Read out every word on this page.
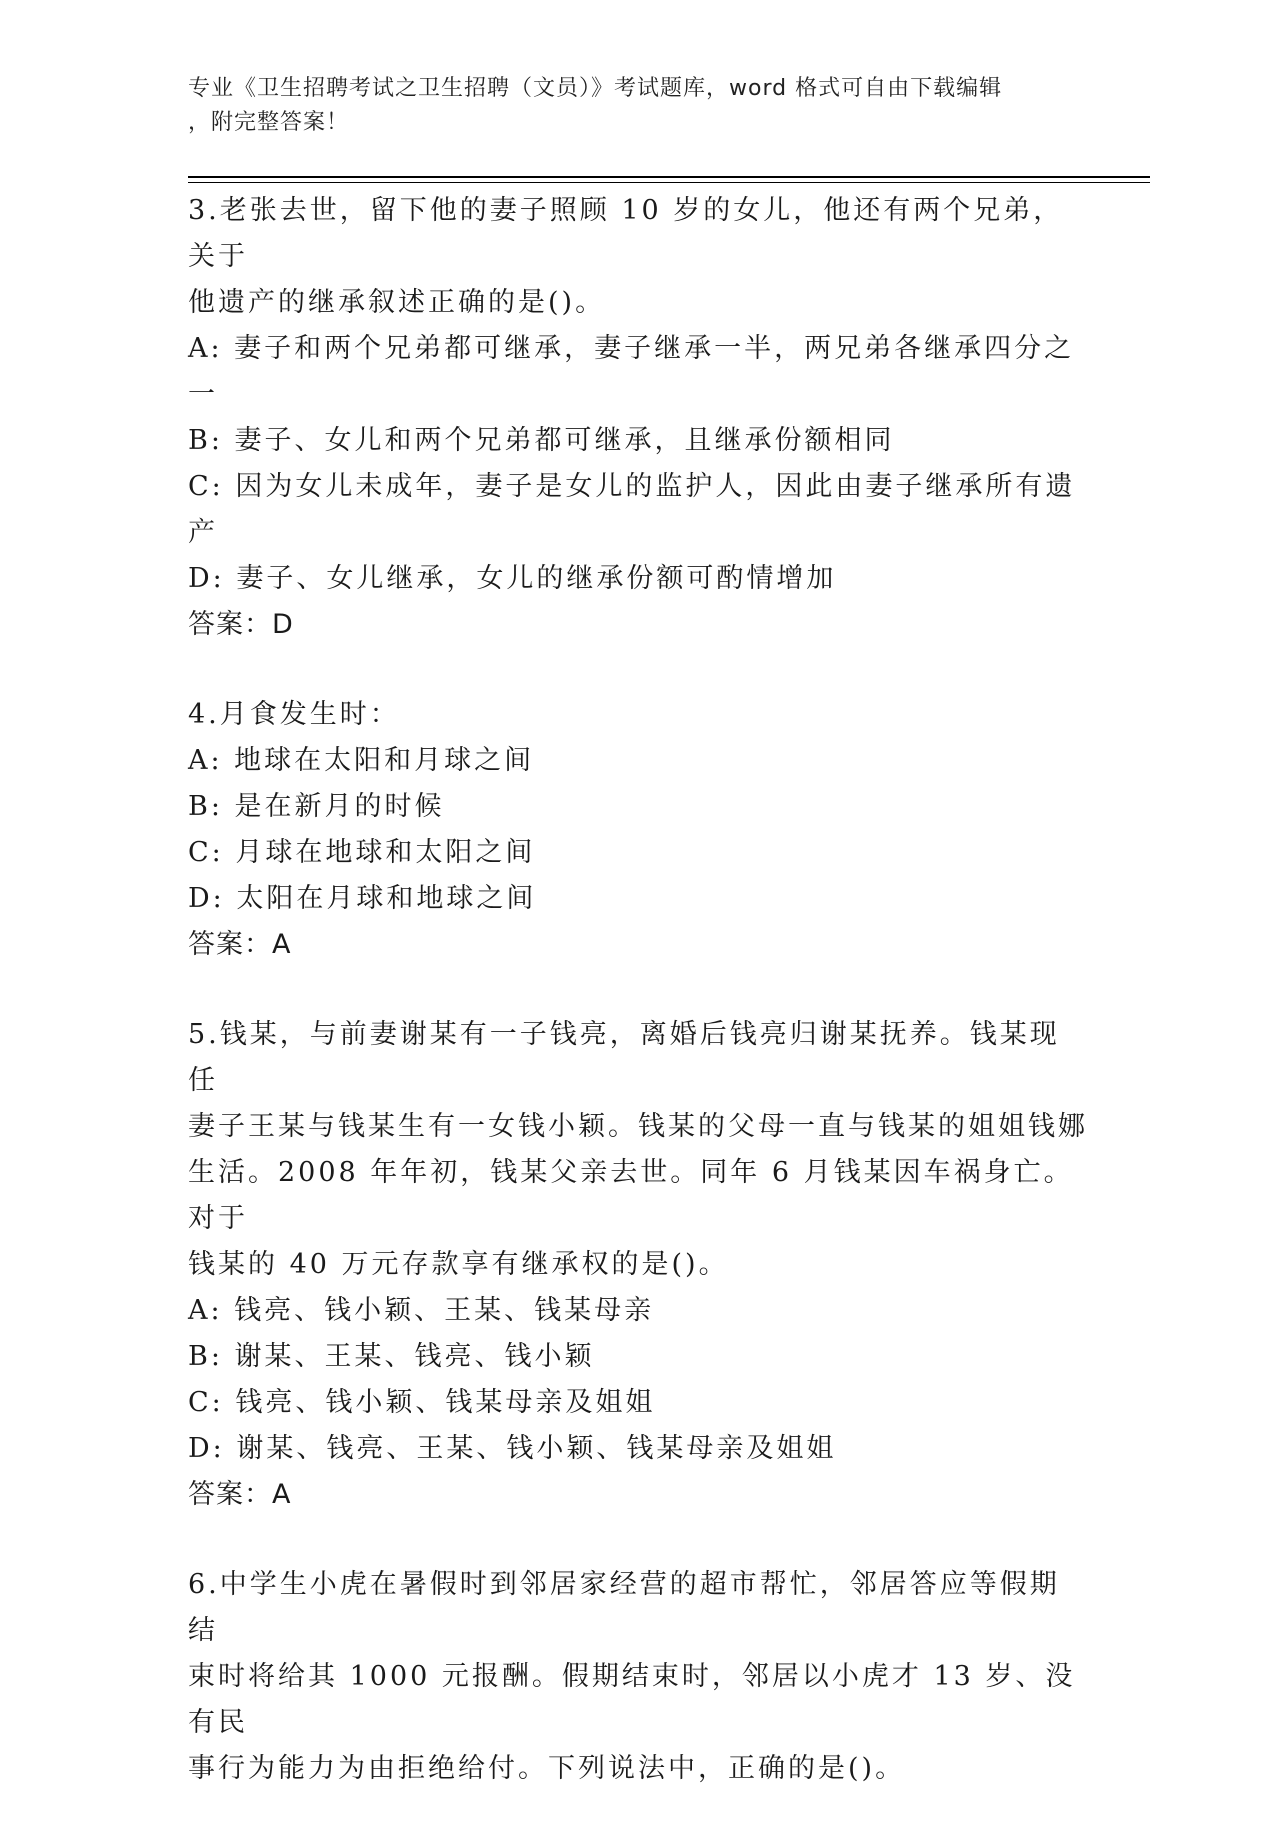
专业《卫生招聘考试之卫生招聘（文员）》考试题库，word 格式可自由下载编辑
，附完整答案！

3.老张去世，留下他的妻子照顾 10 岁的女儿，他还有两个兄弟，关于

他遗产的继承叙述正确的是()。

A: 妻子和两个兄弟都可继承，妻子继承一半，两兄弟各继承四分之一

B: 妻子、女儿和两个兄弟都可继承，且继承份额相同

C: 因为女儿未成年，妻子是女儿的监护人，因此由妻子继承所有遗产

D: 妻子、女儿继承，女儿的继承份额可酌情增加

答案：D

4.月食发生时：

A: 地球在太阳和月球之间

B: 是在新月的时候

C: 月球在地球和太阳之间

D: 太阳在月球和地球之间

答案：A

5.钱某，与前妻谢某有一子钱亮，离婚后钱亮归谢某抚养。钱某现任

妻子王某与钱某生有一女钱小颖。钱某的父母一直与钱某的姐姐钱娜

生活。2008 年年初，钱某父亲去世。同年 6 月钱某因车祸身亡。对于

钱某的 40 万元存款享有继承权的是()。

A: 钱亮、钱小颖、王某、钱某母亲

B: 谢某、王某、钱亮、钱小颖

C: 钱亮、钱小颖、钱某母亲及姐姐

D: 谢某、钱亮、王某、钱小颖、钱某母亲及姐姐

答案：A

6.中学生小虎在暑假时到邻居家经营的超市帮忙，邻居答应等假期结

束时将给其 1000 元报酬。假期结束时，邻居以小虎才 13 岁、没有民

事行为能力为由拒绝给付。下列说法中，正确的是()。
